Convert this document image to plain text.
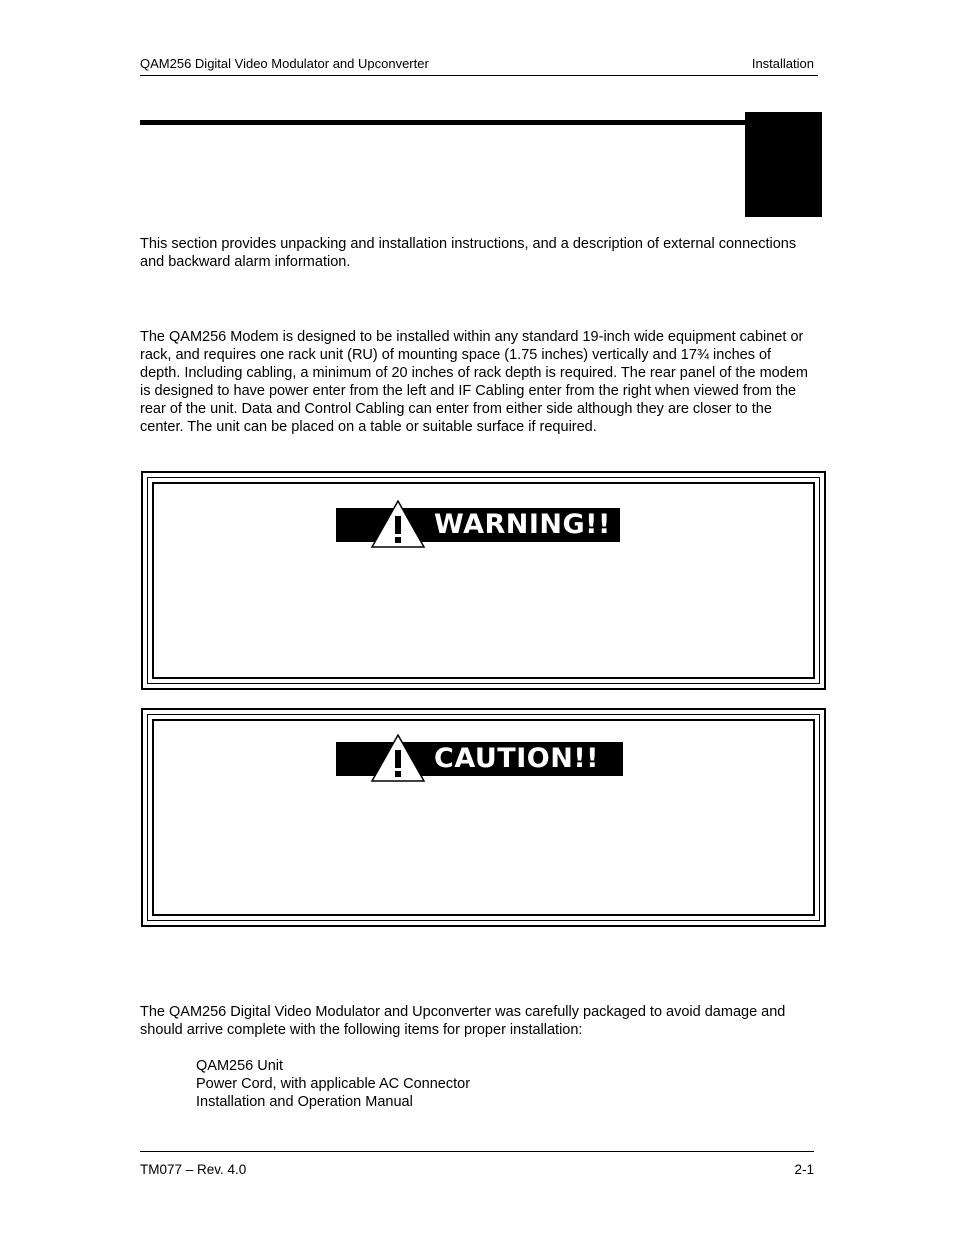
QAM256 Digital Video Modulator and Upconverter	Installation
This section provides unpacking and installation instructions, and a description of external connections and backward alarm information.
The QAM256 Modem is designed to be installed within any standard 19-inch wide equipment cabinet or rack, and requires one rack unit (RU) of mounting space (1.75 inches) vertically and 17¾ inches of depth. Including cabling, a minimum of 20 inches of rack depth is required. The rear panel of the modem is designed to have power enter from the left and IF Cabling enter from the right when viewed from the rear of the unit. Data and Control Cabling can enter from either side although they are closer to the center. The unit can be placed on a table or suitable surface if required.
WARNING!!
CAUTION!!
The QAM256 Digital Video Modulator and Upconverter was carefully packaged to avoid damage and should arrive complete with the following items for proper installation:
QAM256 Unit
Power Cord, with applicable AC Connector
Installation and Operation Manual
TM077 – Rev. 4.0	2-1
